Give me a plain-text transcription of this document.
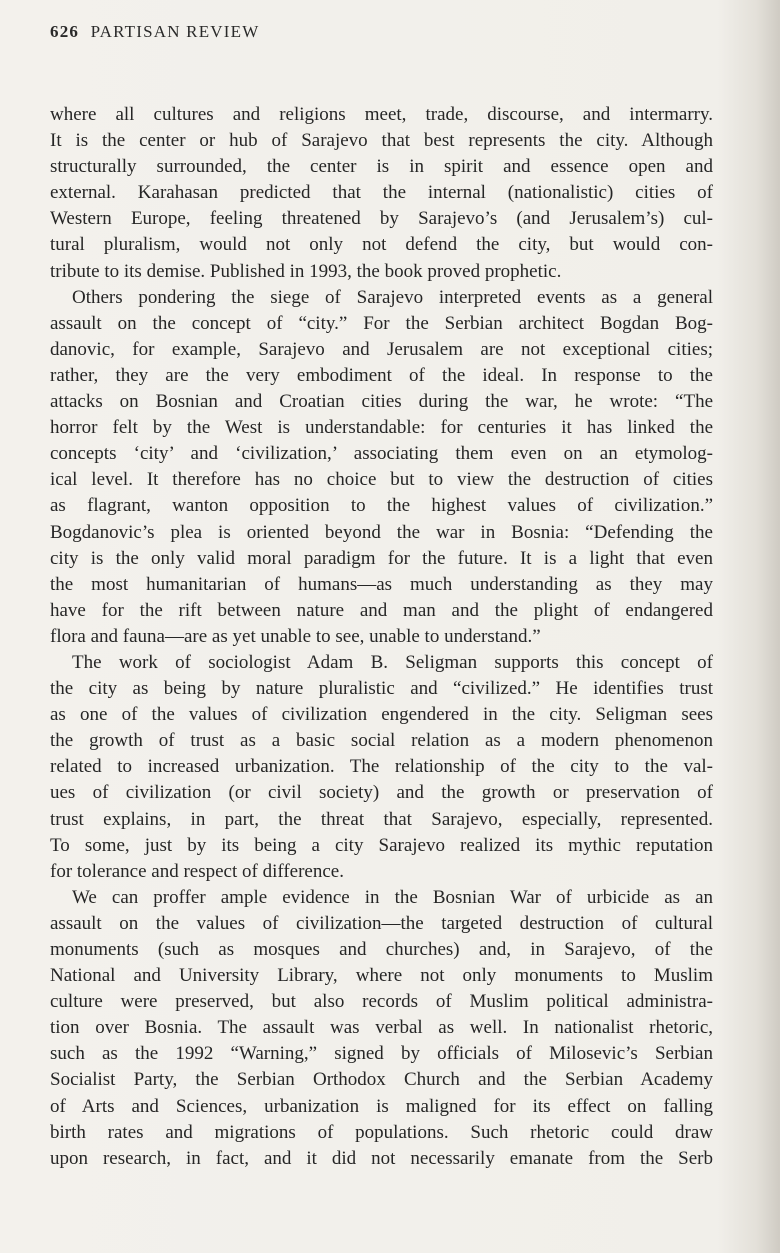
626 PARTISAN REVIEW
where all cultures and religions meet, trade, discourse, and intermarry.
It is the center or hub of Sarajevo that best represents the city. Although
structurally surrounded, the center is in spirit and essence open and
external. Karahasan predicted that the internal (nationalistic) cities of
Western Europe, feeling threatened by Sarajevo’s (and Jerusalem’s) cul-
tural pluralism, would not only not defend the city, but would con-
tribute to its demise. Published in 1993, the book proved prophetic.
Others pondering the siege of Sarajevo interpreted events as a general
assault on the concept of “city.” For the Serbian architect Bogdan Bog-
danovic, for example, Sarajevo and Jerusalem are not exceptional cities;
rather, they are the very embodiment of the ideal. In response to the
attacks on Bosnian and Croatian cities during the war, he wrote: “The
horror felt by the West is understandable: for centuries it has linked the
concepts ‘city’ and ‘civilization,’ associating them even on an etymolog-
ical level. It therefore has no choice but to view the destruction of cities
as flagrant, wanton opposition to the highest values of civilization.”
Bogdanovic’s plea is oriented beyond the war in Bosnia: “Defending the
city is the only valid moral paradigm for the future. It is a light that even
the most humanitarian of humans—as much understanding as they may
have for the rift between nature and man and the plight of endangered
flora and fauna—are as yet unable to see, unable to understand.”
The work of sociologist Adam B. Seligman supports this concept of
the city as being by nature pluralistic and “civilized.” He identifies trust
as one of the values of civilization engendered in the city. Seligman sees
the growth of trust as a basic social relation as a modern phenomenon
related to increased urbanization. The relationship of the city to the val-
ues of civilization (or civil society) and the growth or preservation of
trust explains, in part, the threat that Sarajevo, especially, represented.
To some, just by its being a city Sarajevo realized its mythic reputation
for tolerance and respect of difference.
We can proffer ample evidence in the Bosnian War of urbicide as an
assault on the values of civilization—the targeted destruction of cultural
monuments (such as mosques and churches) and, in Sarajevo, of the
National and University Library, where not only monuments to Muslim
culture were preserved, but also records of Muslim political administra-
tion over Bosnia. The assault was verbal as well. In nationalist rhetoric,
such as the 1992 “Warning,” signed by officials of Milosevic’s Serbian
Socialist Party, the Serbian Orthodox Church and the Serbian Academy
of Arts and Sciences, urbanization is maligned for its effect on falling
birth rates and migrations of populations. Such rhetoric could draw
upon research, in fact, and it did not necessarily emanate from the Serb
